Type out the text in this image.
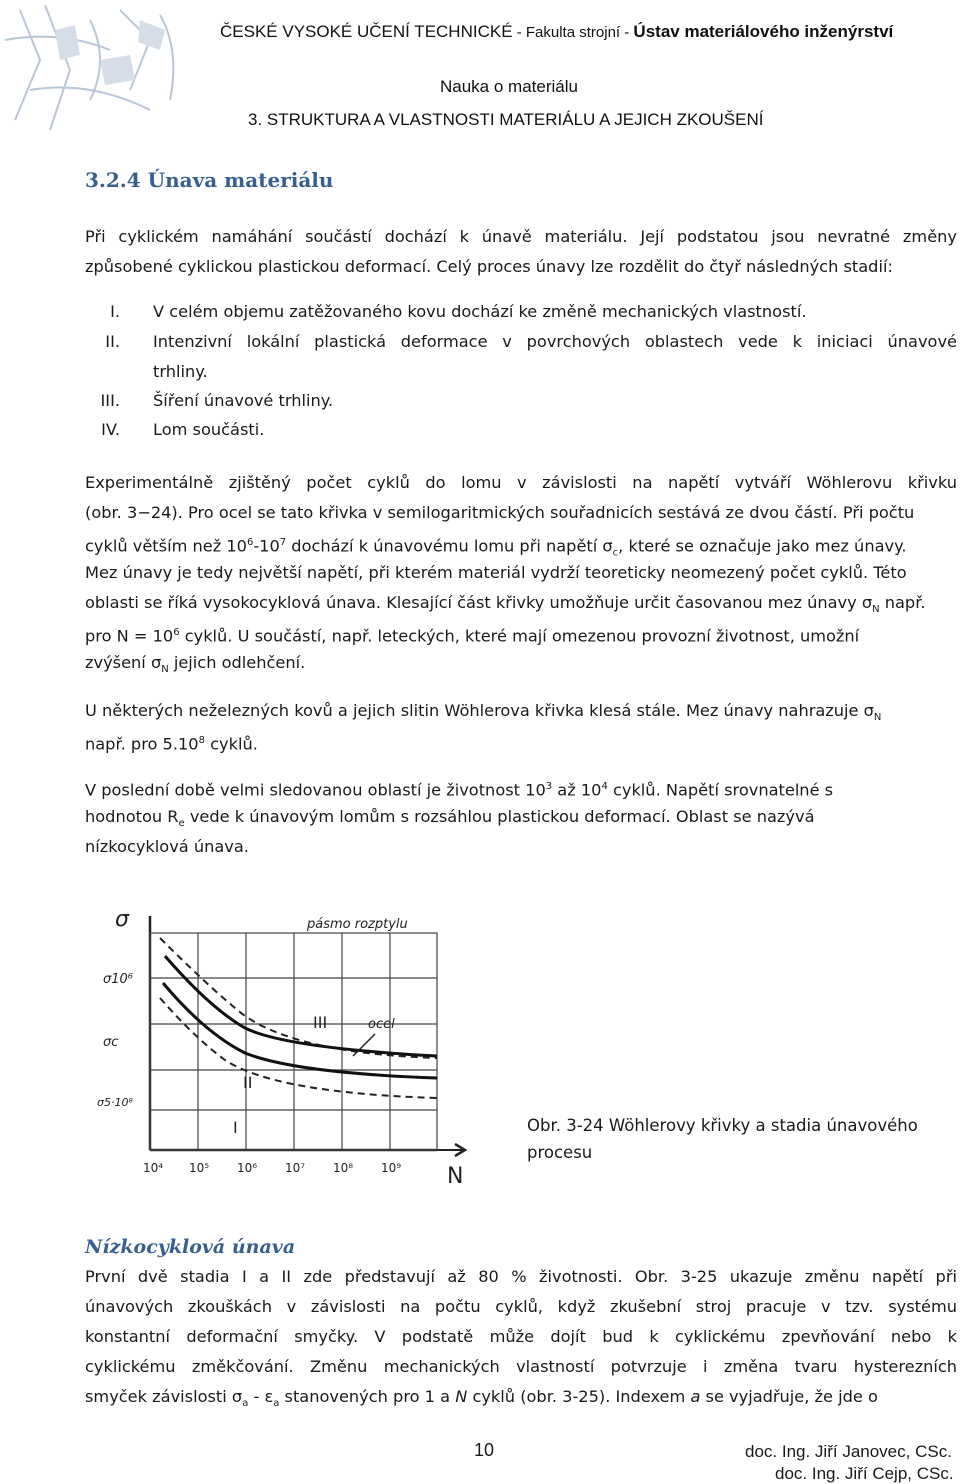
ČESKÉ VYSOKÉ UČENÍ TECHNICKÉ - Fakulta strojní - Ústav materiálového inženýrství
Nauka o materiálu
3. STRUKTURA A VLASTNOSTI MATERIÁLU A JEJICH ZKOUŠENÍ
3.2.4 Únava materiálu
Při cyklickém namáhání součástí dochází k únavě materiálu. Její podstatou jsou nevratné změny
způsobené cyklickou plastickou deformací. Celý proces únavy lze rozdělit do čtyř následných stadií:
I. V celém objemu zatěžovaného kovu dochází ke změně mechanických vlastností.
II. Intenzivní lokální plastická deformace v povrchových oblastech vede k iniciaci únavové
trhliny.
III. Šíření únavové trhliny.
IV. Lom součásti.
Experimentálně zjištěný počet cyklů do lomu v závislosti na napětí vytváří Wöhlerovu křivku
(obr. 3−24). Pro ocel se tato křivka v semilogaritmických souřadnicích sestává ze dvou částí. Při počtu
cyklů větším než $10^6-10^7$ dochází k únavovému lomu při napětí $\sigma_c$, které se označuje jako mez únavy.
Mez únavy je tedy největší napětí, při kterém materiál vydrží teoreticky neomezený počet cyklů. Této
oblasti se říká vysokocyklová únava. Klesající část křivky umožňuje určit časovanou mez únavy $\sigma_N$ např.
pro $N = 10^6$ cyklů. U součástí, např. leteckých, které mají omezenou provozní životnost, umožní
zvýšení $\sigma_N$ jejich odlehčení.
U některých neželezných kovů a jejich slitin Wöhlerova křivka klesá stále. Mez únavy nahrazuje $\sigma_N$
např. pro 5.10$^8$ cyklů.
V poslední době velmi sledovanou oblastí je životnost $10^3$ až $10^4$ cyklů. Napětí srovnatelné s
hodnotou $R_e$ vede k únavovým lomům s rozsáhlou plastickou deformací. Oblast se nazývá
nízkocyklová únava.
σ
N
pásmo rozptylu
ocel
σ10⁶
σc
σ5·10⁸
10⁴ 10⁵ 10⁶ 10⁷ 10⁸ 10⁹
I
II
III
Obr. 3-24 Wöhlerovy křivky a stadia únavového
procesu
Nízkocyklová únava
První dvě stadia I a II zde představují až 80 % životnosti. Obr. 3-25 ukazuje změnu napětí při
únavových zkouškách v závislosti na počtu cyklů, když zkušební stroj pracuje v tzv. systému
konstantní deformační smyčky. V podstatě může dojít bud k cyklickému zpevňování nebo k
cyklickému změkčování. Změnu mechanických vlastností potvrzuje i změna tvaru hysterezních
smyček závislosti $\sigma_a - \varepsilon_a$ stanovených pro 1 a N cyklů (obr. 3-25). Indexem a se vyjadřuje, že jde o
10	doc. Ing. Jiří Janovec, CSc.
doc. Ing. Jiří Cejp, CSc.
